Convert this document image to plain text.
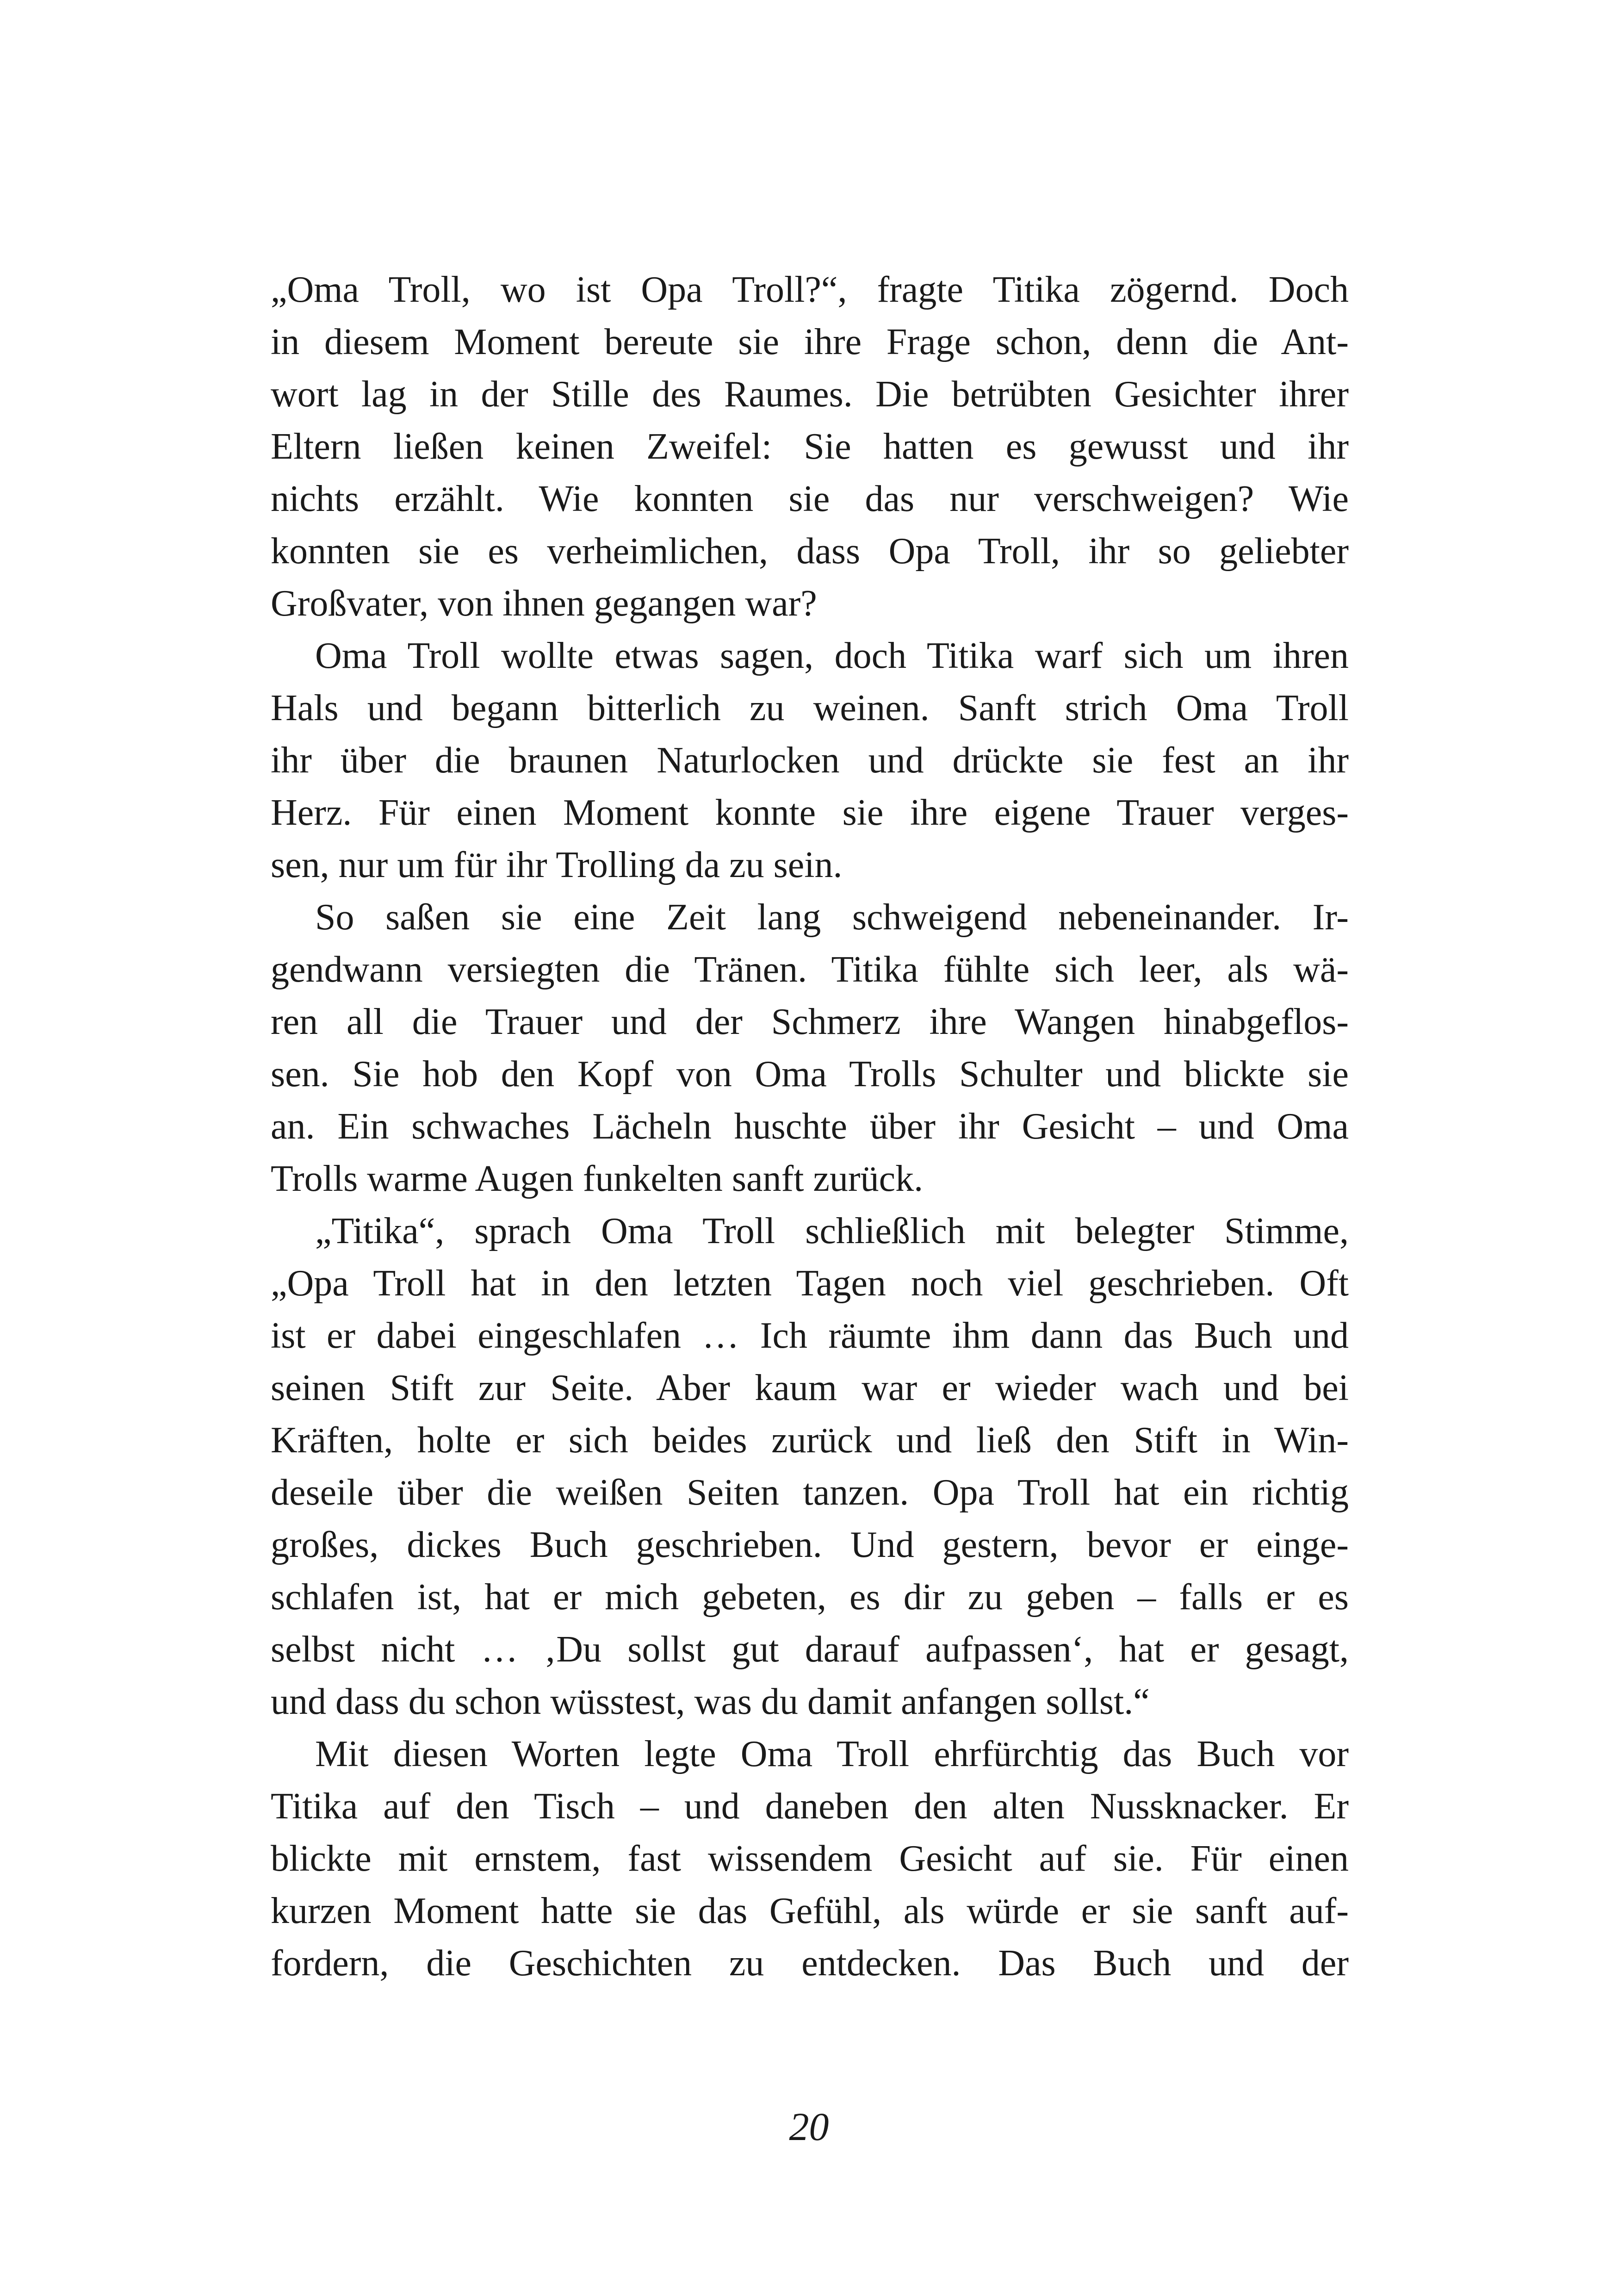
„Oma Troll, wo ist Opa Troll?“, fragte Titika zögernd. Doch
in diesem Moment bereute sie ihre Frage schon, denn die Ant-
wort lag in der Stille des Raumes. Die betrübten Gesichter ihrer
Eltern ließen keinen Zweifel: Sie hatten es gewusst und ihr
nichts erzählt. Wie konnten sie das nur verschweigen? Wie
konnten sie es verheimlichen, dass Opa Troll, ihr so geliebter
Großvater, von ihnen gegangen war?
Oma Troll wollte etwas sagen, doch Titika warf sich um ihren
Hals und begann bitterlich zu weinen. Sanft strich Oma Troll
ihr über die braunen Naturlocken und drückte sie fest an ihr
Herz. Für einen Moment konnte sie ihre eigene Trauer verges-
sen, nur um für ihr Trolling da zu sein.
So saßen sie eine Zeit lang schweigend nebeneinander. Ir-
gendwann versiegten die Tränen. Titika fühlte sich leer, als wä-
ren all die Trauer und der Schmerz ihre Wangen hinabgeflos-
sen. Sie hob den Kopf von Oma Trolls Schulter und blickte sie
an. Ein schwaches Lächeln huschte über ihr Gesicht – und Oma
Trolls warme Augen funkelten sanft zurück.
„Titika“, sprach Oma Troll schließlich mit belegter Stimme,
„Opa Troll hat in den letzten Tagen noch viel geschrieben. Oft
ist er dabei eingeschlafen … Ich räumte ihm dann das Buch und
seinen Stift zur Seite. Aber kaum war er wieder wach und bei
Kräften, holte er sich beides zurück und ließ den Stift in Win-
deseile über die weißen Seiten tanzen. Opa Troll hat ein richtig
großes, dickes Buch geschrieben. Und gestern, bevor er einge-
schlafen ist, hat er mich gebeten, es dir zu geben – falls er es
selbst nicht … ‚Du sollst gut darauf aufpassen‘, hat er gesagt,
und dass du schon wüsstest, was du damit anfangen sollst.“
Mit diesen Worten legte Oma Troll ehrfürchtig das Buch vor
Titika auf den Tisch – und daneben den alten Nussknacker. Er
blickte mit ernstem, fast wissendem Gesicht auf sie. Für einen
kurzen Moment hatte sie das Gefühl, als würde er sie sanft auf-
fordern, die Geschichten zu entdecken. Das Buch und der
20
